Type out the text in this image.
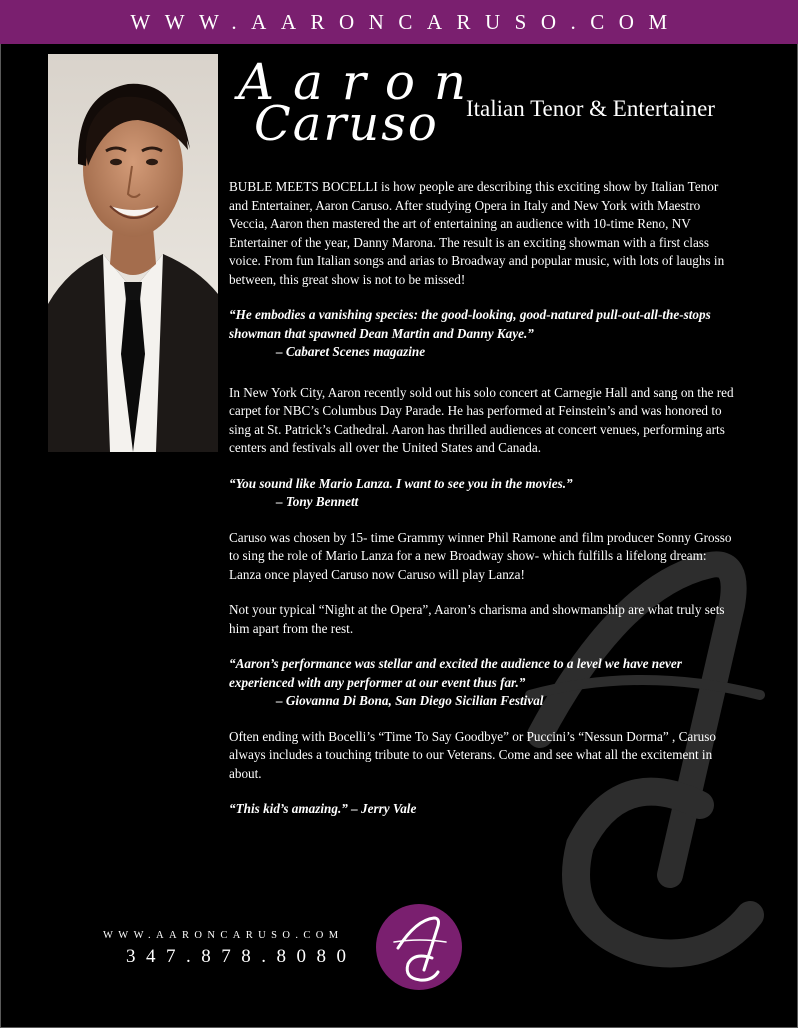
WWW.AARONCARUSO.COM
Aaron
Caruso Italian Tenor & Entertainer

BUBLE MEETS BOCELLI is how people are describing this exciting show by Italian Tenor and Entertainer, Aaron Caruso. After studying Opera in Italy and New York with Maestro Veccia, Aaron then mastered the art of entertaining an audience with 10-time Reno, NV Entertainer of the year, Danny Marona. The result is an exciting showman with a first class voice. From fun Italian songs and arias to Broadway and popular music, with lots of laughs in between, this great show is not to be missed!

“He embodies a vanishing species: the good-looking, good-natured pull-out-all-the-stops showman that spawned Dean Martin and Danny Kaye.”
– Cabaret Scenes magazine

In New York City, Aaron recently sold out his solo concert at Carnegie Hall and sang on the red carpet for NBC’s Columbus Day Parade. He has performed at Feinstein’s and was honored to sing at St. Patrick’s Cathedral. Aaron has thrilled audiences at concert venues, performing arts centers and festivals all over the United States and Canada.

“You sound like Mario Lanza. I want to see you in the movies.”
– Tony Bennett

Caruso was chosen by 15- time Grammy winner Phil Ramone and film producer Sonny Grosso to sing the role of Mario Lanza for a new Broadway show- which fulfills a lifelong dream: Lanza once played Caruso now Caruso will play Lanza!

Not your typical “Night at the Opera”, Aaron’s charisma and showmanship are what truly sets him apart from the rest.

“Aaron’s performance was stellar and excited the audience to a level we have never experienced with any performer at our event thus far.”
– Giovanna Di Bona, San Diego Sicilian Festival

Often ending with Bocelli’s “Time To Say Goodbye” or Puccini’s “Nessun Dorma” , Caruso always includes a touching tribute to our Veterans. Come and see what all the excitement in about.

“This kid’s amazing.” – Jerry Vale

WWW.AARONCARUSO.COM
347.878.8080
